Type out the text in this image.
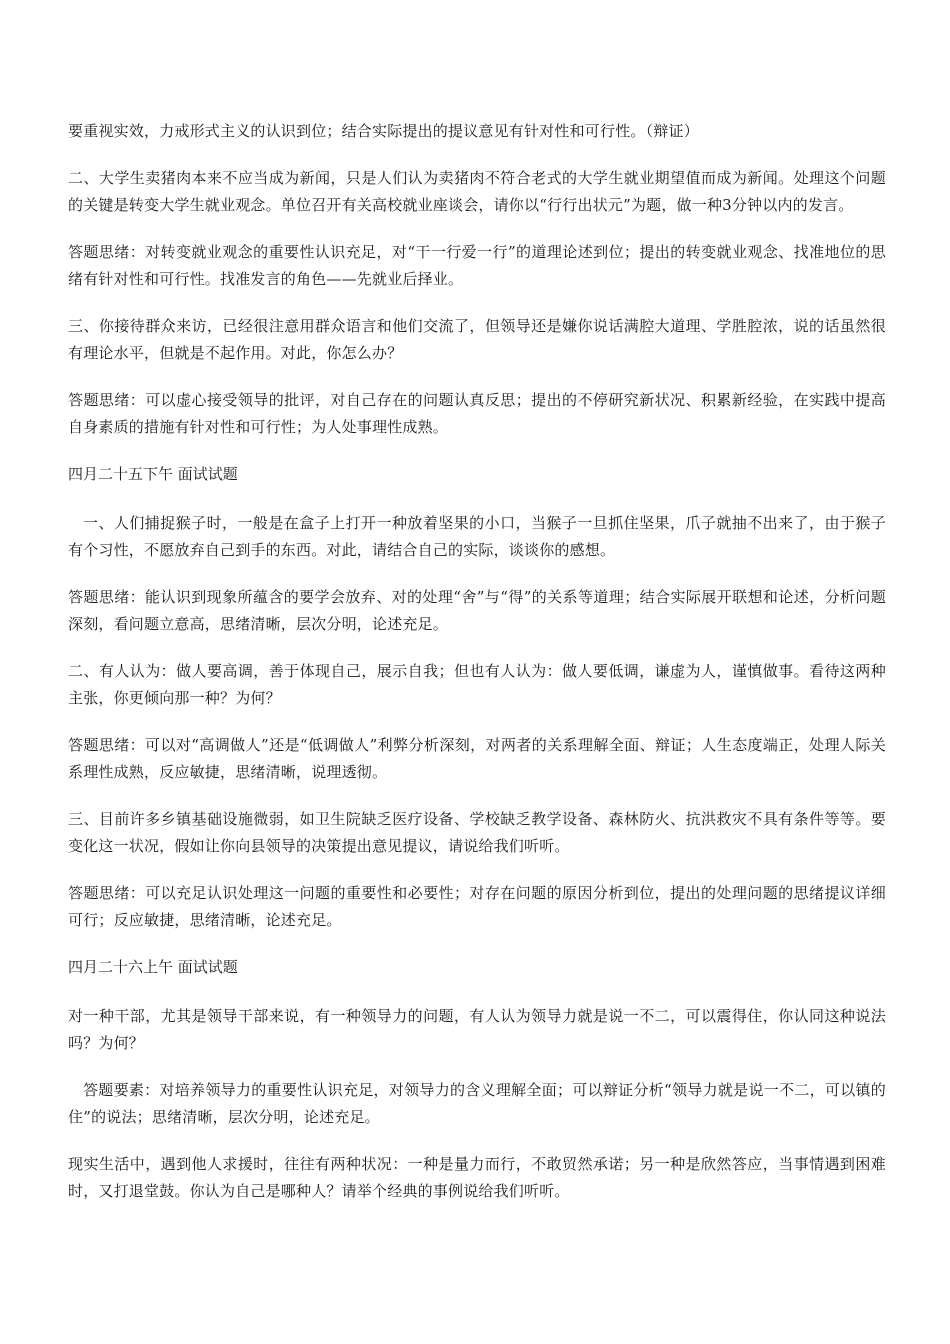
要重视实效，力戒形式主义的认识到位；结合实际提出的提议意见有针对性和可行性。（辩证）

二、大学生卖猪肉本来不应当成为新闻，只是人们认为卖猪肉不符合老式的大学生就业期望值而成为新闻。处理这个问题的关键是转变大学生就业观念。单位召开有关高校就业座谈会，请你以“行行出状元”为题，做一种3分钟以内的发言。

答题思绪：对转变就业观念的重要性认识充足，对“干一行爱一行”的道理论述到位；提出的转变就业观念、找准地位的思绪有针对性和可行性。找准发言的角色——先就业后择业。

三、你接待群众来访，已经很注意用群众语言和他们交流了，但领导还是嫌你说话满腔大道理、学胜腔浓，说的话虽然很有理论水平，但就是不起作用。对此，你怎么办？

答题思绪：可以虚心接受领导的批评，对自己存在的问题认真反思；提出的不停研究新状况、积累新经验，在实践中提高自身素质的措施有针对性和可行性；为人处事理性成熟。

四月二十五下午 面试试题

一、人们捕捉猴子时，一般是在盒子上打开一种放着坚果的小口，当猴子一旦抓住坚果，爪子就抽不出来了，由于猴子有个习性，不愿放弃自己到手的东西。对此，请结合自己的实际，谈谈你的感想。

答题思绪：能认识到现象所蕴含的要学会放弃、对的处理“舍”与“得”的关系等道理；结合实际展开联想和论述，分析问题深刻，看问题立意高，思绪清晰，层次分明，论述充足。

二、有人认为：做人要高调，善于体现自己，展示自我；但也有人认为：做人要低调，谦虚为人，谨慎做事。看待这两种主张，你更倾向那一种？为何？

答题思绪：可以对“高调做人”还是“低调做人”利弊分析深刻，对两者的关系理解全面、辩证；人生态度端正，处理人际关系理性成熟，反应敏捷，思绪清晰，说理透彻。

三、目前许多乡镇基础设施微弱，如卫生院缺乏医疗设备、学校缺乏教学设备、森林防火、抗洪救灾不具有条件等等。要变化这一状况，假如让你向县领导的决策提出意见提议，请说给我们听听。

答题思绪：可以充足认识处理这一问题的重要性和必要性；对存在问题的原因分析到位，提出的处理问题的思绪提议详细可行；反应敏捷，思绪清晰，论述充足。

四月二十六上午 面试试题

对一种干部，尤其是领导干部来说，有一种领导力的问题，有人认为领导力就是说一不二，可以震得住，你认同这种说法吗？为何？

答题要素：对培养领导力的重要性认识充足，对领导力的含义理解全面；可以辩证分析“领导力就是说一不二，可以镇的住”的说法；思绪清晰，层次分明，论述充足。

现实生活中，遇到他人求援时，往往有两种状况：一种是量力而行，不敢贸然承诺；另一种是欣然答应，当事情遇到困难时，又打退堂鼓。你认为自己是哪种人？请举个经典的事例说给我们听听。
